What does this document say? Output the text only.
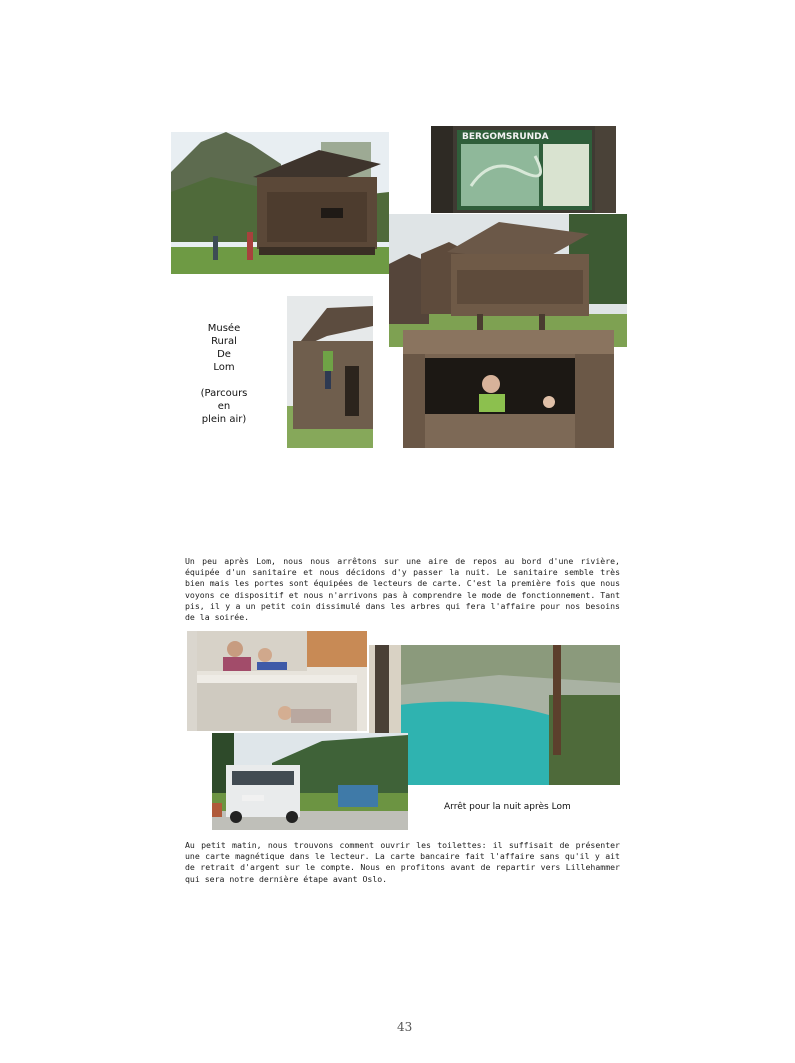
BERGOMSRUNDA
Musée
Rural
De
Lom
(Parcours
en
plein air)
Un peu après Lom, nous nous arrêtons sur une aire de repos au bord d'une rivière, équipée d'un sanitaire et nous décidons d'y passer la nuit. Le sanitaire semble très bien mais les portes sont équipées de lecteurs de carte. C'est la première fois que nous voyons ce dispositif et nous n'arrivons pas à comprendre le mode de fonctionnement. Tant pis, il y a un petit coin dissimulé dans les arbres qui fera l'affaire pour nos besoins de la soirée.
Arrêt pour la nuit après Lom
Au petit matin, nous trouvons comment ouvrir les toilettes: il suffisait de présenter une carte magnétique dans le lecteur. La carte bancaire fait l'affaire sans qu'il y ait de retrait d'argent sur le compte. Nous en profitons avant de repartir vers Lillehammer qui sera notre dernière étape avant Oslo.
43
